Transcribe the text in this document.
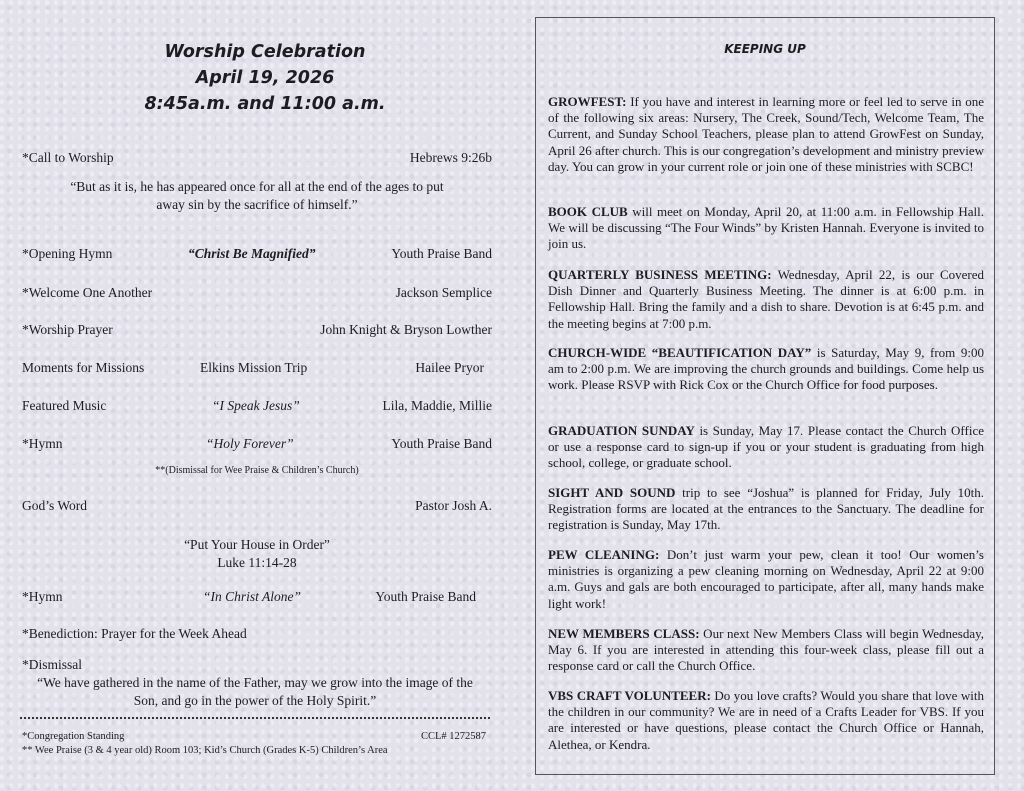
Worship Celebration
April 19, 2026
8:45a.m. and 11:00 a.m.
*Call to Worship	Hebrews 9:26b
“But as it is, he has appeared once for all at the end of the ages to put
away sin by the sacrifice of himself.”
*Opening Hymn	“Christ Be Magnified”	Youth Praise Band
*Welcome One Another	Jackson Semplice
*Worship Prayer	John Knight & Bryson Lowther
Moments for Missions	Elkins Mission Trip	Hailee Pryor
Featured Music	“I Speak Jesus”	Lila, Maddie, Millie
*Hymn	“Holy Forever”	Youth Praise Band
**(Dismissal for Wee Praise & Children’s Church)
God’s Word	Pastor Josh A.
“Put Your House in Order”
Luke 11:14-28
*Hymn	“In Christ Alone”	Youth Praise Band
*Benediction: Prayer for the Week Ahead
*Dismissal
“We have gathered in the name of the Father, may we grow into the image of the
Son, and go in the power of the Holy Spirit.”
*Congregation Standing	CCL# 1272587
** Wee Praise (3 & 4 year old) Room 103; Kid’s Church (Grades K-5) Children’s Area
KEEPING UP
GROWFEST: If you have and interest in learning more or feel led to serve in one of the following six areas: Nursery, The Creek, Sound/Tech, Welcome Team, The Current, and Sunday School Teachers, please plan to attend GrowFest on Sunday, April 26 after church. This is our congregation’s development and ministry preview day. You can grow in your current role or join one of these ministries with SCBC!
BOOK CLUB will meet on Monday, April 20, at 11:00 a.m. in Fellowship Hall. We will be discussing “The Four Winds” by Kristen Hannah. Everyone is invited to join us.
QUARTERLY BUSINESS MEETING: Wednesday, April 22, is our Covered Dish Dinner and Quarterly Business Meeting. The dinner is at 6:00 p.m. in Fellowship Hall. Bring the family and a dish to share. Devotion is at 6:45 p.m. and the meeting begins at 7:00 p.m.
CHURCH-WIDE “BEAUTIFICATION DAY” is Saturday, May 9, from 9:00 am to 2:00 p.m. We are improving the church grounds and buildings. Come help us work. Please RSVP with Rick Cox or the Church Office for food purposes.
GRADUATION SUNDAY is Sunday, May 17. Please contact the Church Office or use a response card to sign-up if you or your student is graduating from high school, college, or graduate school.
SIGHT AND SOUND trip to see “Joshua” is planned for Friday, July 10th. Registration forms are located at the entrances to the Sanctuary. The deadline for registration is Sunday, May 17th.
PEW CLEANING: Don’t just warm your pew, clean it too! Our women’s ministries is organizing a pew cleaning morning on Wednesday, April 22 at 9:00 a.m. Guys and gals are both encouraged to participate, after all, many hands make light work!
NEW MEMBERS CLASS: Our next New Members Class will begin Wednesday, May 6. If you are interested in attending this four-week class, please fill out a response card or call the Church Office.
VBS CRAFT VOLUNTEER: Do you love crafts? Would you share that love with the children in our community? We are in need of a Crafts Leader for VBS. If you are interested or have questions, please contact the Church Office or Hannah, Alethea, or Kendra.
